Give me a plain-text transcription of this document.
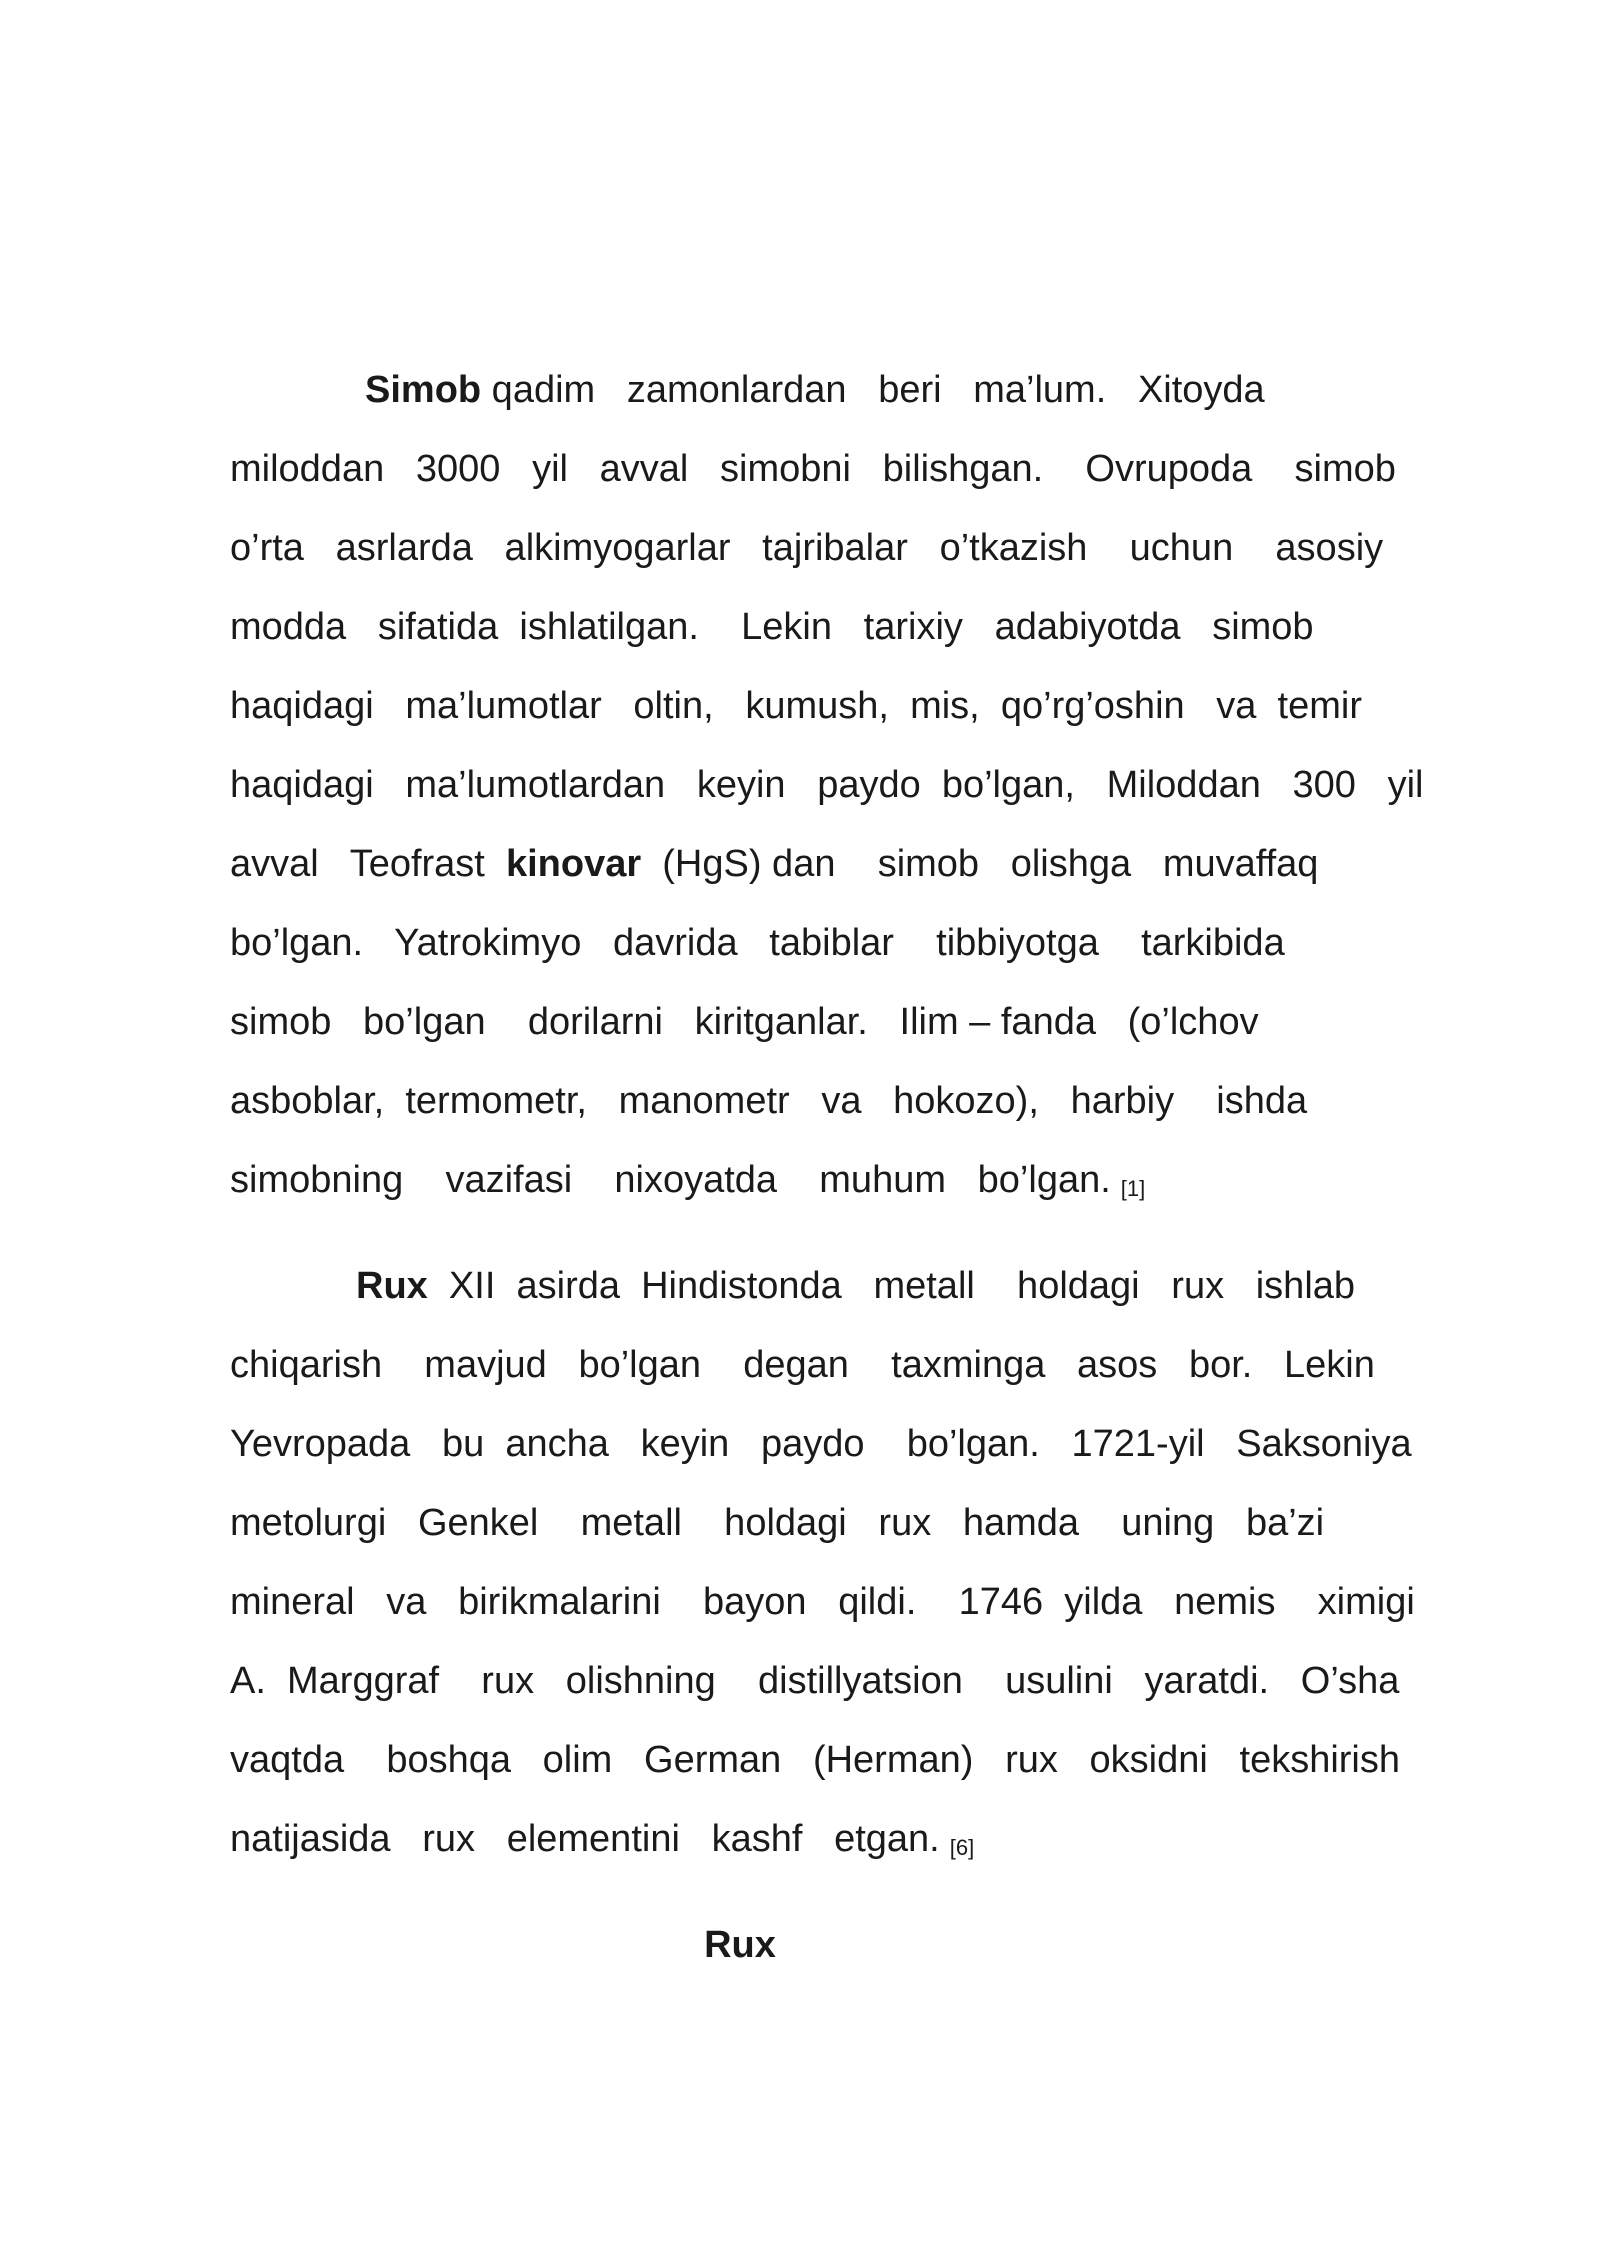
Simob qadim   zamonlardan   beri   ma’lum.   Xitoyda
miloddan   3000   yil   avval   simobni   bilishgan.    Ovrupoda    simob
o’rta   asrlarda   alkimyogarlar   tajribalar   o’tkazish    uchun    asosiy
modda   sifatida  ishlatilgan.    Lekin   tarixiy   adabiyotda   simob
haqidagi   ma’lumotlar   oltin,   kumush,  mis,  qo’rg’oshin   va  temir
haqidagi   ma’lumotlardan   keyin   paydo  bo’lgan,   Miloddan   300   yil
avval   Teofrast  kinovar  (HgS) dan    simob   olishga   muvaffaq
bo’lgan.   Yatrokimyo   davrida   tabiblar    tibbiyotga    tarkibida
simob   bo’lgan    dorilarni   kiritganlar.   Ilim – fanda   (o’lchov
asboblar,  termometr,   manometr   va   hokozo),   harbiy    ishda
simobning    vazifasi    nixoyatda    muhum   bo’lgan. [1]
Rux  XII  asirda  Hindistonda   metall    holdagi   rux   ishlab
chiqarish    mavjud   bo’lgan    degan    taxminga   asos   bor.   Lekin
Yevropada   bu  ancha   keyin   paydo    bo’lgan.   1721-yil   Saksoniya
metolurgi   Genkel    metall    holdagi   rux   hamda    uning   ba’zi
mineral   va   birikmalarini    bayon   qildi.    1746  yilda   nemis    ximigi
A.  Marggraf    rux   olishning    distillyatsion    usulini   yaratdi.   O’sha
vaqtda    boshqa   olim   German   (Herman)   rux   oksidni   tekshirish
natijasida   rux   elementini   kashf   etgan. [6]
Rux
